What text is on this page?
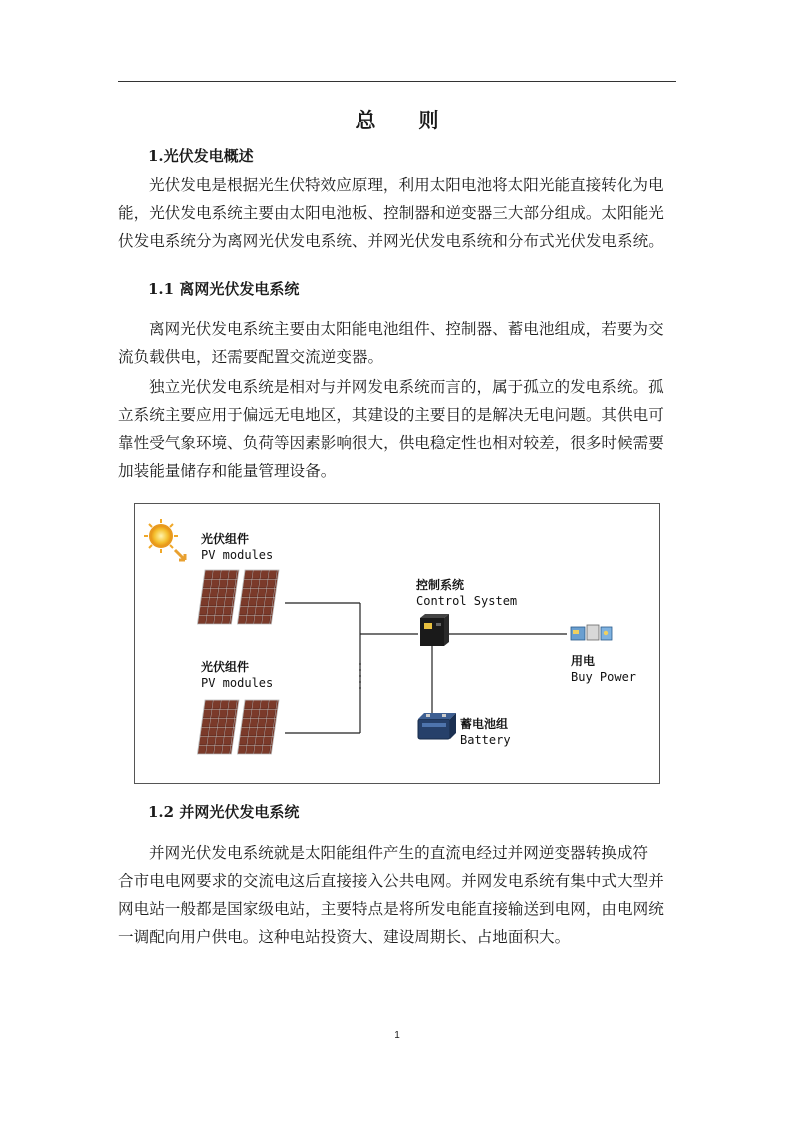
总 则
1.光伏发电概述
光伏发电是根据光生伏特效应原理，利用太阳电池将太阳光能直接转化为电
能，光伏发电系统主要由太阳电池板、控制器和逆变器三大部分组成。太阳能光
伏发电系统分为离网光伏发电系统、并网光伏发电系统和分布式光伏发电系统。
1.1 离网光伏发电系统
离网光伏发电系统主要由太阳能电池组件、控制器、蓄电池组成，若要为交
流负载供电，还需要配置交流逆变器。
独立光伏发电系统是相对与并网发电系统而言的，属于孤立的发电系统。孤
立系统主要应用于偏远无电地区，其建设的主要目的是解决无电问题。其供电可
靠性受气象环境、负荷等因素影响很大，供电稳定性也相对较差，很多时候需要
加装能量储存和能量管理设备。
光伏组件
PV modules
光伏组件
PV modules
控制系统
Control System
用电
Buy Power
蓄电池组
Battery
1.2 并网光伏发电系统
并网光伏发电系统就是太阳能组件产生的直流电经过并网逆变器转换成符
合市电电网要求的交流电这后直接接入公共电网。并网发电系统有集中式大型并
网电站一般都是国家级电站，主要特点是将所发电能直接输送到电网，由电网统
一调配向用户供电。这种电站投资大、建设周期长、占地面积大。
1
